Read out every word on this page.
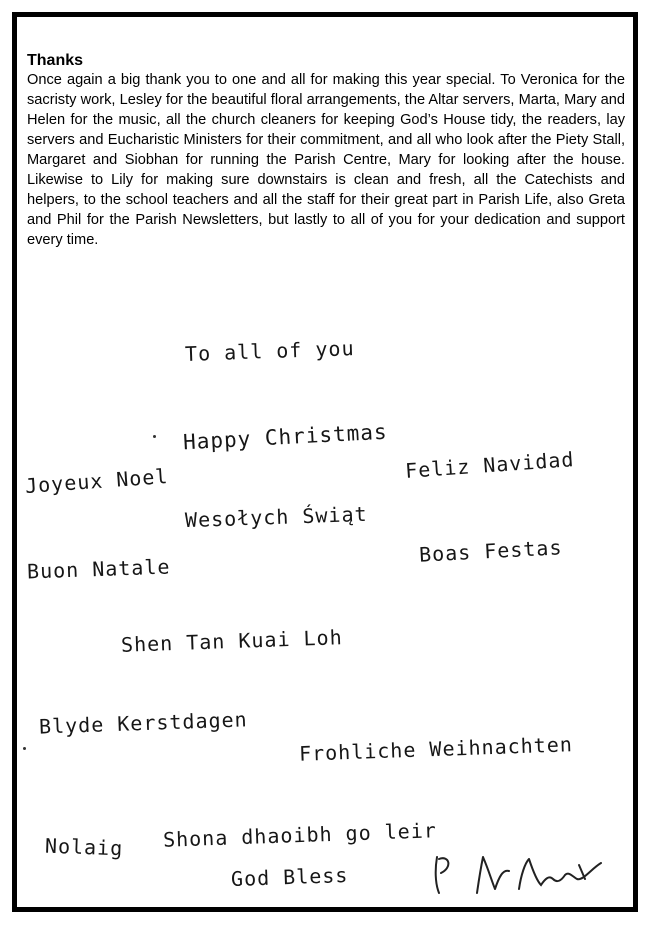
Thanks

Once again a big thank you to one and all for making this year special. To Veronica for the sacristy work, Lesley for the beautiful floral arrangements, the Altar servers, Marta, Mary and Helen for the music, all the church cleaners for keeping God’s House tidy, the readers, lay servers and Eucharistic Ministers for their commitment, and all who look after the Piety Stall, Margaret and Siobhan for running the Parish Centre, Mary for looking after the house. Likewise to Lily for making sure downstairs is clean and fresh, all the Catechists and helpers, to the school teachers and all the staff for their great part in Parish Life, also Greta and Phil for the Parish Newsletters, but lastly to all of you for your dedication and support every time.

To all of you
Happy Christmas
Feliz Navidad
Joyeux Noel
Wesołych Świąt
Boas Festas
Buon Natale
Shen Tan Kuai Loh
Blyde Kerstdagen
Frohliche Weihnachten
Nolaig Shona dhaoibh go leir
God Bless
